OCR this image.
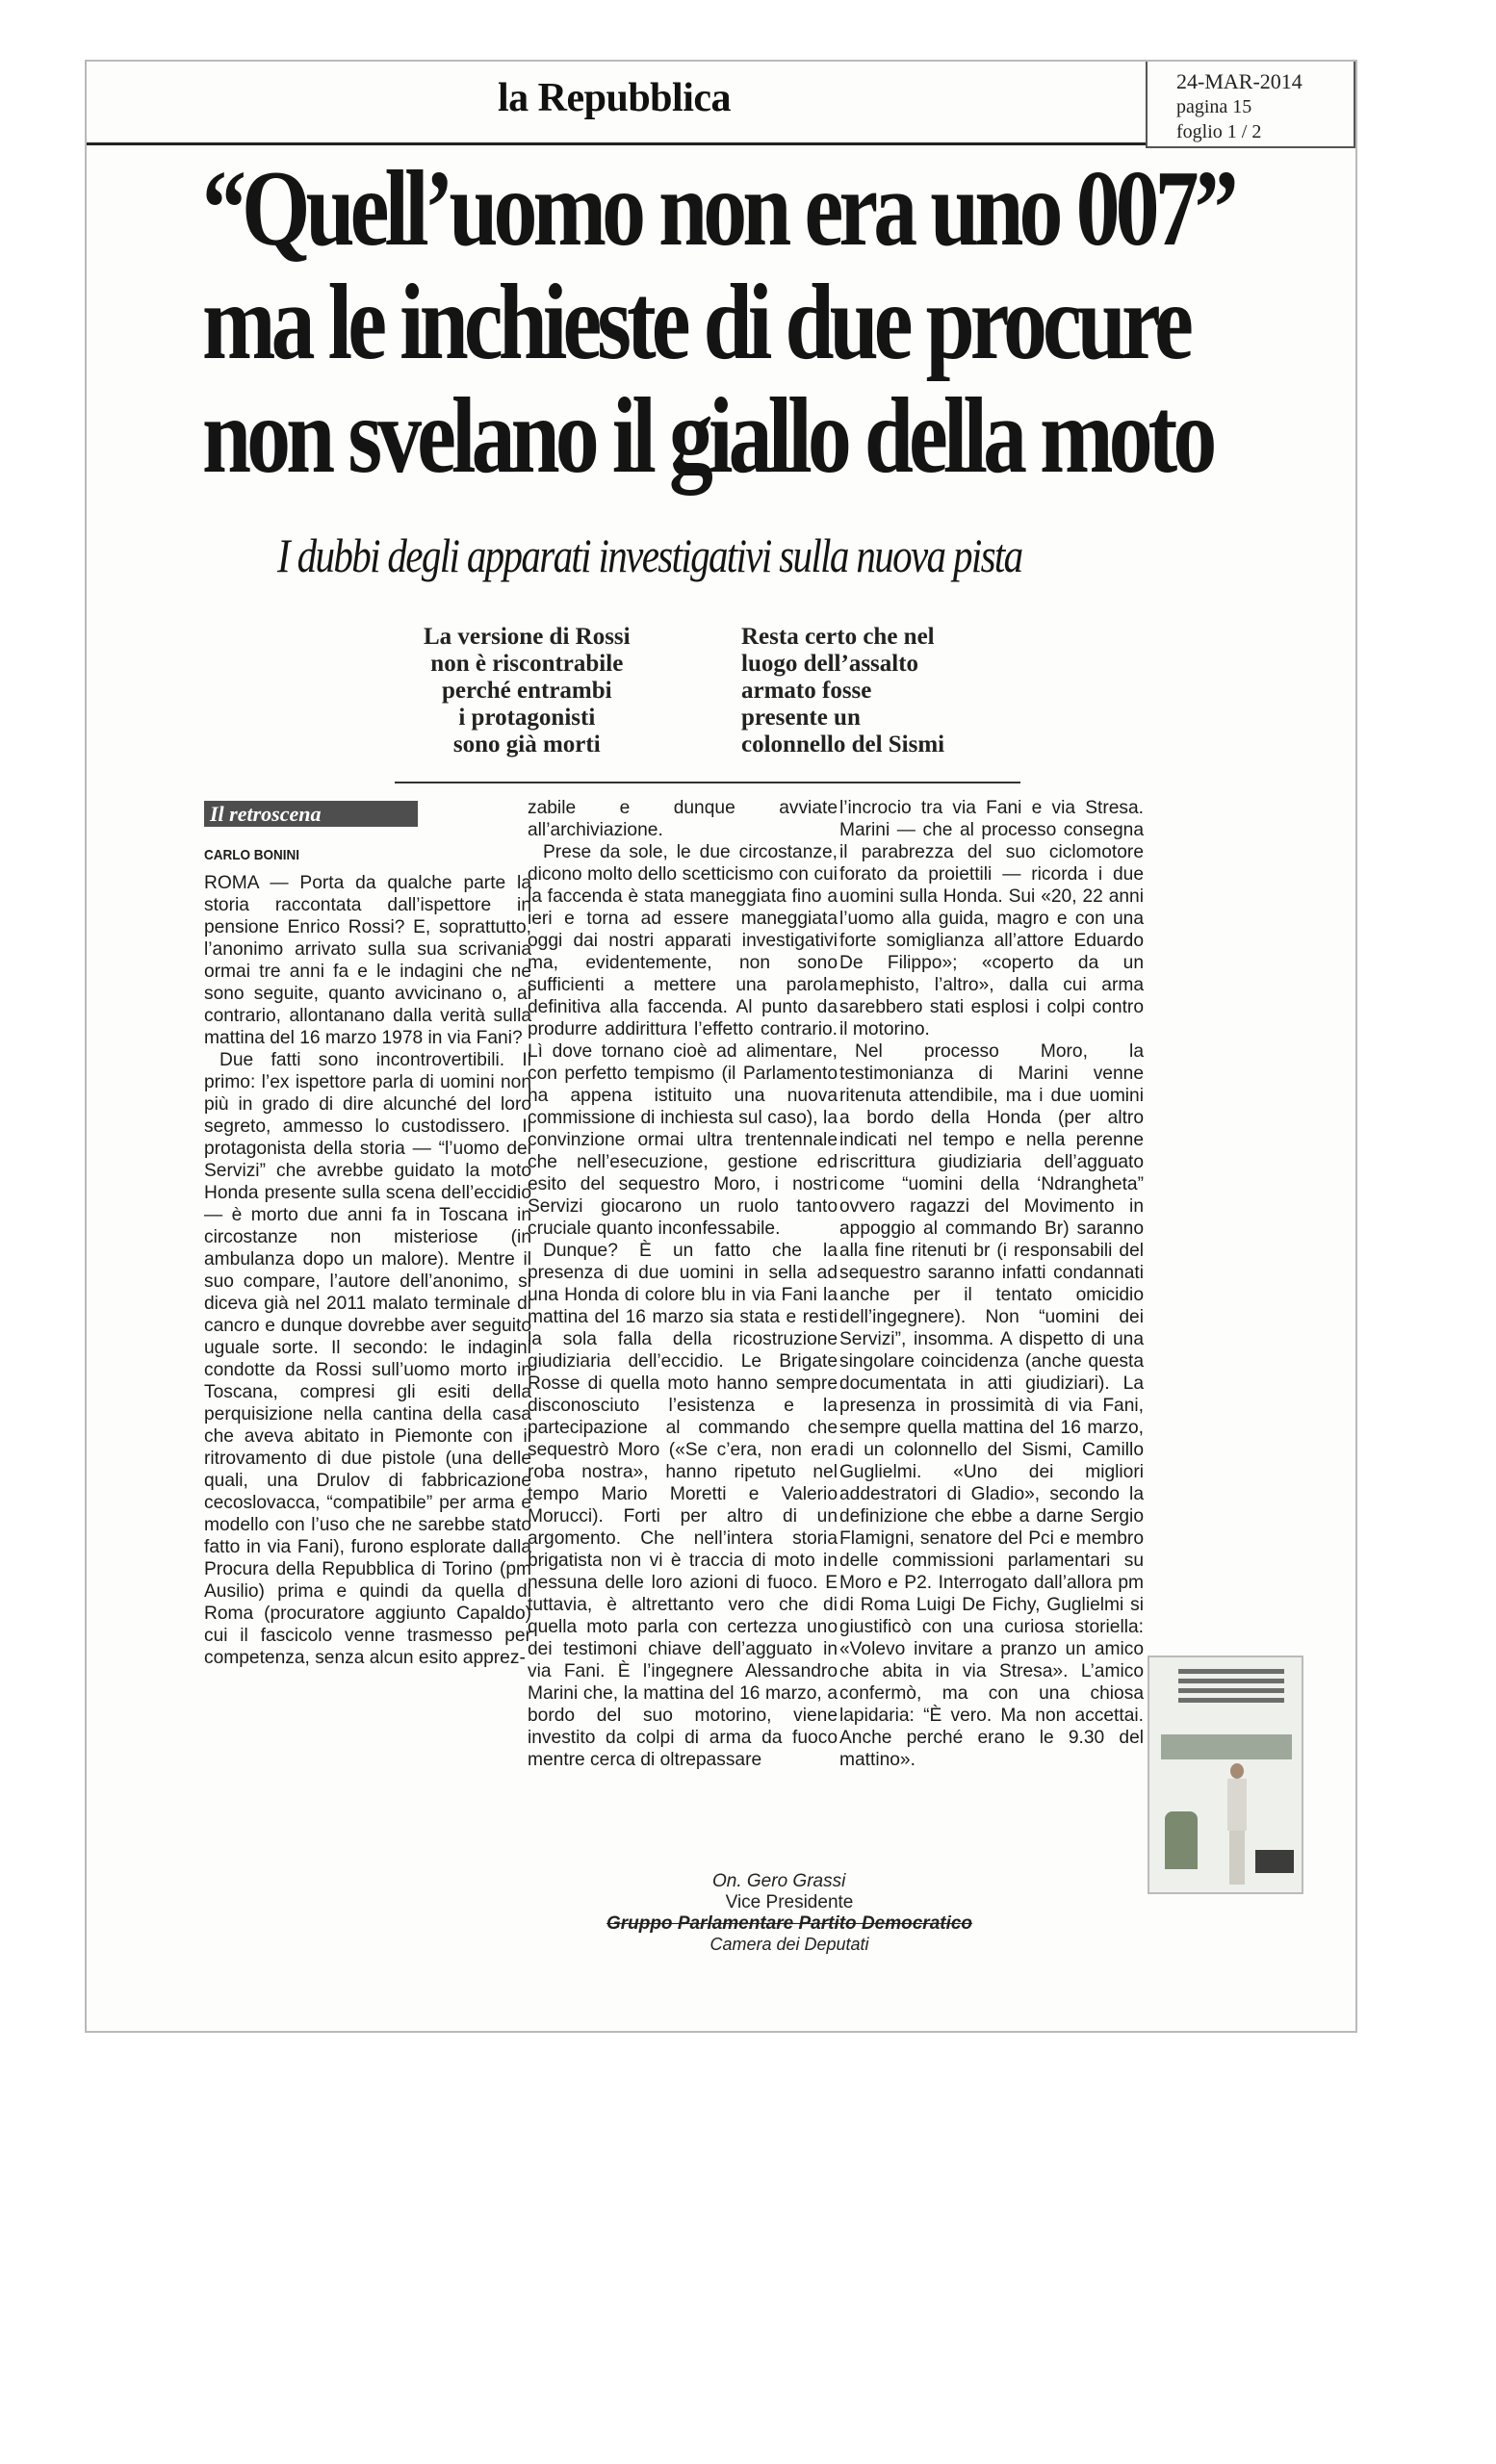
la Repubblica	24-MAR-2014
pagina 15
foglio 1 / 2
“Quell’uomo non era uno 007”
ma le inchieste di due procure
non svelano il giallo della moto
I dubbi degli apparati investigativi sulla nuova pista
La versione di Rossi
non è riscontrabile
perché entrambi
i protagonisti
sono già morti
Resta certo che nel
luogo dell’assalto
armato fosse
presente un
colonnello del Sismi
Il retroscena
CARLO BONINI

ROMA — Porta da qualche parte la storia raccontata dall’ispettore in pensione Enrico Rossi? E, soprattutto, l’anonimo arrivato sulla sua scrivania ormai tre anni fa e le indagini che ne sono seguite, quanto avvicinano o, al contrario, allontanano dalla verità sulla mattina del 16 marzo 1978 in via Fani?

Due fatti sono incontrovertibili. Il primo: l’ex ispettore parla di uomini non più in grado di dire alcunché del loro segreto, ammesso lo custodissero. Il protagonista della storia — “l’uomo dei Servizi” che avrebbe guidato la moto Honda presente sulla scena dell’eccidio — è morto due anni fa in Toscana in circostanze non misteriose (in ambulanza dopo un malore). Mentre il suo compare, l’autore dell’anonimo, si diceva già nel 2011 malato terminale di cancro e dunque dovrebbe aver seguito uguale sorte. Il secondo: le indagini condotte da Rossi sull’uomo morto in Toscana, compresi gli esiti della perquisizione nella cantina della casa che aveva abitato in Piemonte con il ritrovamento di due pistole (una delle quali, una Drulov di fabbricazione cecoslovacca, “compatibile” per arma e modello con l’uso che ne sarebbe stato fatto in via Fani), furono esplorate dalla Procura della Repubblica di Torino (pm Ausilio) prima e quindi da quella di Roma (procuratore aggiunto Capaldo) cui il fascicolo venne trasmesso per competenza, senza alcun esito apprez-

zabile e dunque avviate all’archiviazione.

Prese da sole, le due circostanze, dicono molto dello scetticismo con cui la faccenda è stata maneggiata fino a ieri e torna ad essere maneggiata oggi dai nostri apparati investigativi ma, evidentemente, non sono sufficienti a mettere una parola definitiva alla faccenda. Al punto da produrre addirittura l’effetto contrario. Lì dove tornano cioè ad alimentare, con perfetto tempismo (il Parlamento ha appena istituito una nuova commissione di inchiesta sul caso), la convinzione ormai ultra trentennale che nell’esecuzione, gestione ed esito del sequestro Moro, i nostri Servizi giocarono un ruolo tanto cruciale quanto inconfessabile.

Dunque? È un fatto che la presenza di due uomini in sella ad una Honda di colore blu in via Fani la mattina del 16 marzo sia stata e resti la sola falla della ricostruzione giudiziaria dell’eccidio. Le Brigate Rosse di quella moto hanno sempre disconosciuto l’esistenza e la partecipazione al commando che sequestrò Moro («Se c’era, non era roba nostra», hanno ripetuto nel tempo Mario Moretti e Valerio Morucci). Forti per altro di un argomento. Che nell’intera storia brigatista non vi è traccia di moto in nessuna delle loro azioni di fuoco. E tuttavia, è altrettanto vero che di quella moto parla con certezza uno dei testimoni chiave dell’agguato in via Fani. È l’ingegnere Alessandro Marini che, la mattina del 16 marzo, a bordo del suo motorino, viene investito da colpi di arma da fuoco mentre cerca di oltrepassare

l’incrocio tra via Fani e via Stresa. Marini — che al processo consegna il parabrezza del suo ciclomotore forato da proiettili — ricorda i due uomini sulla Honda. Sui «20, 22 anni l’uomo alla guida, magro e con una forte somiglianza all’attore Eduardo De Filippo»; «coperto da un mephisto, l’altro», dalla cui arma sarebbero stati esplosi i colpi contro il motorino.

Nel processo Moro, la testimonianza di Marini venne ritenuta attendibile, ma i due uomini a bordo della Honda (per altro indicati nel tempo e nella perenne riscrittura giudiziaria dell’agguato come “uomini della ‘Ndrangheta” ovvero ragazzi del Movimento in appoggio al commando Br) saranno alla fine ritenuti br (i responsabili del sequestro saranno infatti condannati anche per il tentato omicidio dell’ingegnere). Non “uomini dei Servizi”, insomma. A dispetto di una singolare coincidenza (anche questa documentata in atti giudiziari). La presenza in prossimità di via Fani, sempre quella mattina del 16 marzo, di un colonnello del Sismi, Camillo Guglielmi. «Uno dei migliori addestratori di Gladio», secondo la definizione che ebbe a darne Sergio Flamigni, senatore del Pci e membro delle commissioni parlamentari su Moro e P2. Interrogato dall’allora pm di Roma Luigi De Fichy, Guglielmi si giustificò con una curiosa storiella: «Volevo invitare a pranzo un amico che abita in via Stresa». L’amico confermò, ma con una chiosa lapidaria: “È vero. Ma non accettai. Anche perché erano le 9.30 del mattino».

On. Gero Grassi
Vice Presidente
Gruppo Parlamentare Partito Democratico
Camera dei Deputati
